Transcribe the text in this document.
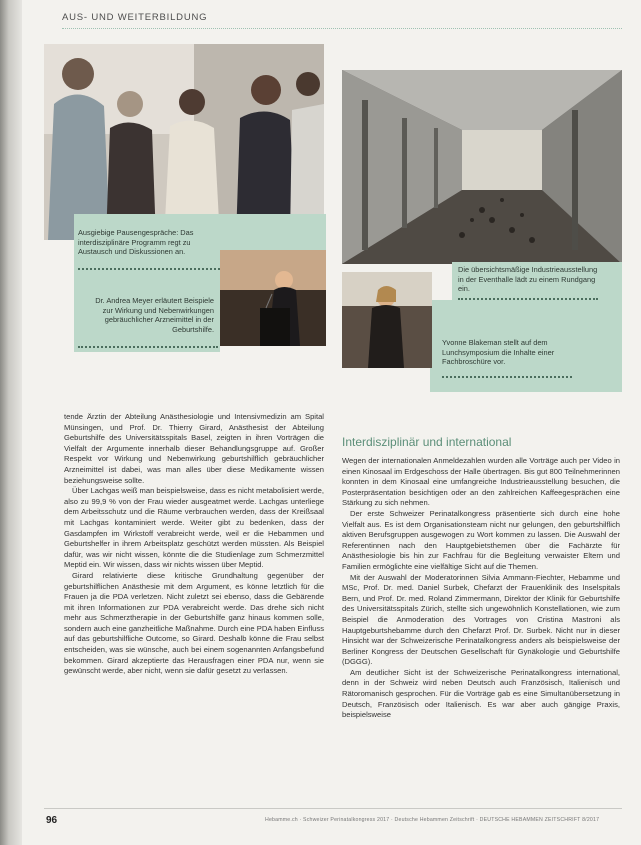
AUS- UND WEITERBILDUNG
Ausgiebige Pausengespräche: Das interdisziplinäre Programm regt zu Austausch und Diskussionen an.
Dr. Andrea Meyer erläutert Beispiele zur Wirkung und Nebenwirkungen gebräuchlicher Arzneimittel in der Geburtshilfe.
Die übersichtsmäßige Industrieausstellung in der Eventhalle lädt zu einem Rundgang ein.
Yvonne Blakeman stellt auf dem Lunchsymposium die Inhalte einer Fachbroschüre vor.

tende Ärztin der Abteilung Anästhesiologie und Intensivmedizin am Spital Münsingen, und Prof. Dr. Thierry Girard, Anästhesist der Abteilung Geburtshilfe des Universitätsspitals Basel, zeigten in ihren Vorträgen die Vielfalt der Argumente innerhalb dieser Behandlungsgruppe auf. Großer Respekt vor Wirkung und Nebenwirkung geburtshilflich gebräuchlicher Arzneimittel ist dabei, was man alles über diese Medikamente wissen beziehungsweise sollte.

Über Lachgas weiß man beispielsweise, dass es nicht metabolisiert werde, also zu 99,9 % von der Frau wieder ausgeatmet werde. Lachgas unterliege dem Arbeitsschutz und die Räume verbrauchen werden, dass der Kreißsaal mit Lachgas kontaminiert werde. Weiter gibt zu bedenken, dass der Gasdampfen im Wirkstoff verabreicht werde, weil er die Hebammen und Geburtshelfer in ihrem Arbeitsplatz geschützt werden müssten. Als Beispiel dafür, was wir nicht wissen, könnte die die Studienlage zum Schmerzmittel Meptid ein. Wir wissen, dass wir nichts wissen über Meptid.

Girard relativierte diese kritische Grundhaltung gegenüber der geburtshilflichen Anästhesie mit dem Argument, es könne letztlich für die Frauen ja die PDA verletzen. Nicht zuletzt sei ebenso, dass die Gebärende mit ihren Informationen zur PDA verabreicht werde. Das drehe sich nicht mehr aus Schmerztherapie in der Geburtshilfe ganz hinaus kommen solle, sondern auch eine ganzheitliche Maßnahme. Durch eine PDA haben Einfluss auf das geburtshilfliche Outcome, so Girard. Deshalb könne die Frau selbst entscheiden, was sie wünsche, auch bei einem sogenannten Anfangsbefund bekommen. Girard akzeptierte das Herausfragen einer PDA nur, wenn sie gewünscht werde, aber nicht, wenn sie dafür gesetzt zu verlassen.

Interdisziplinär und international

Wegen der internationalen Anmeldezahlen wurden alle Vorträge auch per Video in einen Kinosaal im Erdgeschoss der Halle übertragen. Bis gut 800 Teilnehmerinnen konnten in dem Kinosaal eine umfangreiche Industrieausstellung besuchen, die Posterpräsentation besichtigen oder an den zahlreichen Kaffeegesprächen eine Stärkung zu sich nehmen.

Der erste Schweizer Perinatalkongress präsentierte sich durch eine hohe Vielfalt aus. Es ist dem Organisationsteam nicht nur gelungen, den geburtshilflich aktiven Berufsgruppen ausgewogen zu Wort kommen zu lassen. Die Auswahl der Referentinnen nach den Hauptgebietsthemen über die Fachärzte für Anästhesiologie bis hin zur Fachfrau für die Begleitung verwaister Eltern und Familien ermöglichte eine vielfältige Sicht auf die Themen.

Mit der Auswahl der Moderatorinnen Silvia Ammann-Fiechter, Hebamme und MSc, Prof. Dr. med. Daniel Surbek, Chefarzt der Frauenklinik des Inselspitals Bern, und Prof. Dr. med. Roland Zimmermann, Direktor der Klinik für Geburtshilfe des Universitätsspitals Zürich, stellte sich ungewöhnlich Konstellationen, wie zum Beispiel die Anmoderation des Vortrages von Cristina Mastroni als Hauptgeburtshebamme durch den Chefarzt Prof. Dr. Surbek. Nicht nur in dieser Hinsicht war der Schweizerische Perinatalkongress anders als beispielsweise der Berliner Kongress der Deutschen Gesellschaft für Gynäkologie und Geburtshilfe (DGGG).

Am deutlicher Sicht ist der Schweizerische Perinatalkongress international, denn in der Schweiz wird neben Deutsch auch Französisch, Italienisch und Rätoromanisch gesprochen. Für die Vorträge gab es eine Simultanübersetzung in Deutsch, Französisch oder Italienisch. Es war aber auch gängige Praxis, beispielsweise

96	Hebamme.ch · Schweizer Perinatalkongress 2017 · Deutsche Hebammen Zeitschrift · DEUTSCHE HEBAMMEN ZEITSCHRIFT 8/2017
